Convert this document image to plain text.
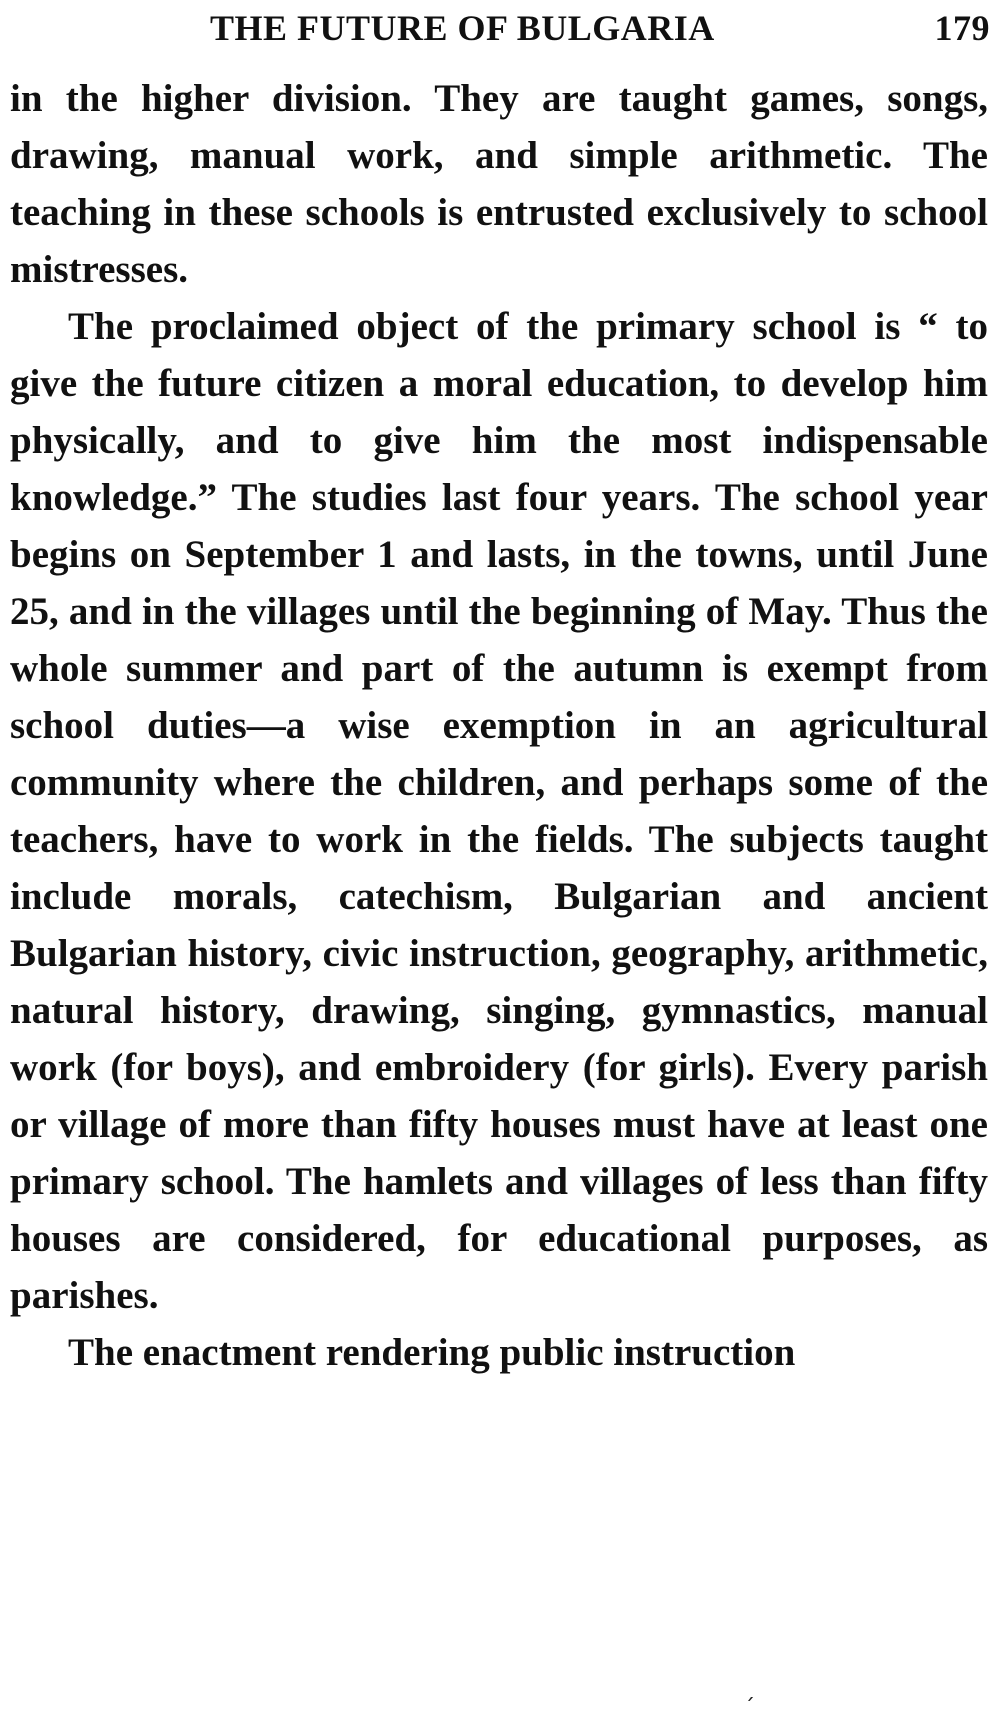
THE FUTURE OF BULGARIA	179

in the higher division. They are taught games, songs, drawing, manual work, and simple arithmetic. The teaching in these schools is entrusted exclusively to school mistresses.

The proclaimed object of the primary school is “ to give the future citizen a moral education, to develop him physically, and to give him the most indispensable knowledge.” The studies last four years. The school year begins on September 1 and lasts, in the towns, until June 25, and in the villages until the beginning of May. Thus the whole summer and part of the autumn is exempt from school duties—a wise exemption in an agricultural community where the children, and perhaps some of the teachers, have to work in the fields. The subjects taught include morals, catechism, Bulgarian and ancient Bulgarian history, civic instruction, geography, arithmetic, natural history, drawing, singing, gymnastics, manual work (for boys), and embroidery (for girls). Every parish or village of more than fifty houses must have at least one primary school. The hamlets and villages of less than fifty houses are considered, for educational purposes, as parishes.

The enactment rendering public instruction

´
